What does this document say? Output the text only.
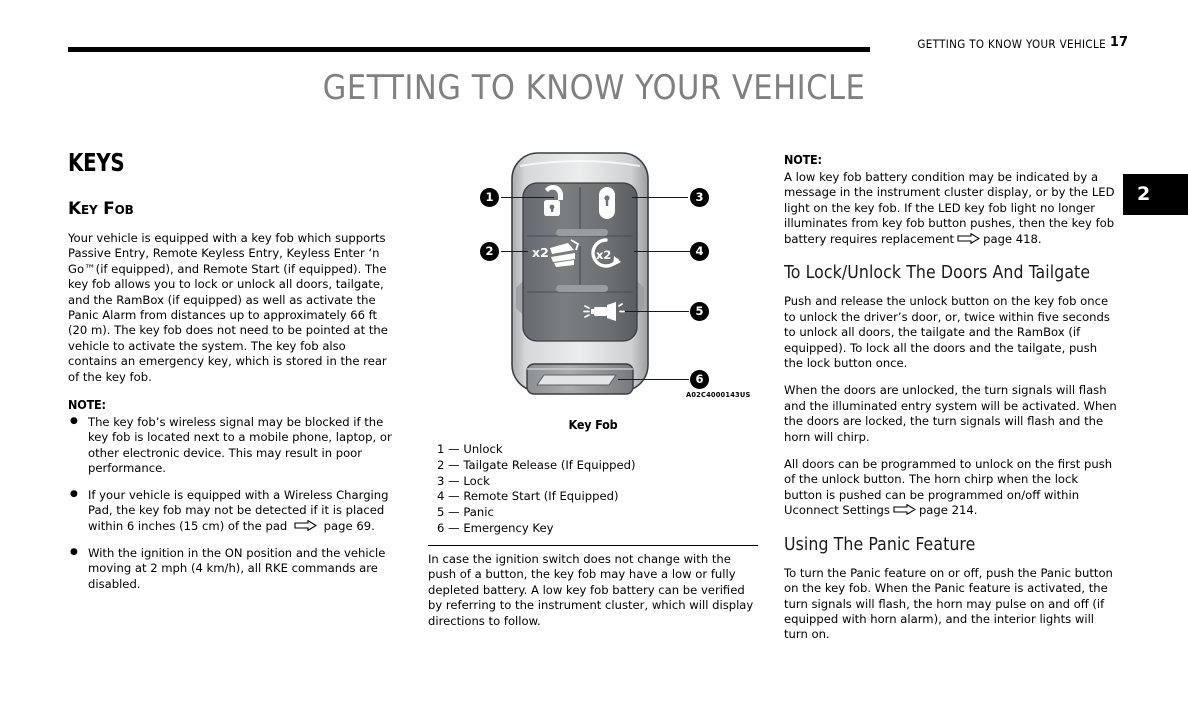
GETTING TO KNOW YOUR VEHICLE 17
GETTING TO KNOW YOUR VEHICLE
2
KEYS
Key Fob

Your vehicle is equipped with a key fob which supports Passive Entry, Remote Keyless Entry, Keyless Enter ‘n Go™(if equipped), and Remote Start (if equipped). The key fob allows you to lock or unlock all doors, tailgate, and the RamBox (if equipped) as well as activate the Panic Alarm from distances up to approximately 66 ft (20 m). The key fob does not need to be pointed at the vehicle to activate the system. The key fob also contains an emergency key, which is stored in the rear of the key fob.

NOTE:
● The key fob’s wireless signal may be blocked if the key fob is located next to a mobile phone, laptop, or other electronic device. This may result in poor performance.
● If your vehicle is equipped with a Wireless Charging Pad, the key fob may not be detected if it is placed within 6 inches (15 cm) of the pad	page 69.
● With the ignition in the ON position and the vehicle moving at 2 mph (4 km/h), all RKE commands are disabled.
x2	x2
1
2
3
4
5
6
A02C4000143US
Key Fob
1 — Unlock
2 — Tailgate Release (If Equipped)
3 — Lock
4 — Remote Start (If Equipped)
5 — Panic
6 — Emergency Key

In case the ignition switch does not change with the push of a button, the key fob may have a low or fully depleted battery. A low key fob battery can be verified by referring to the instrument cluster, which will display directions to follow.

NOTE:

A low key fob battery condition may be indicated by a message in the instrument cluster display, or by the LED light on the key fob. If the LED key fob light no longer illuminates from key fob button pushes, then the key fob battery requires replacement	page 418.

To Lock/Unlock The Doors And Tailgate

Push and release the unlock button on the key fob once to unlock the driver’s door, or, twice within five seconds to unlock all doors, the tailgate and the RamBox (if equipped). To lock all the doors and the tailgate, push the lock button once.

When the doors are unlocked, the turn signals will flash and the illuminated entry system will be activated. When the doors are locked, the turn signals will flash and the horn will chirp.

All doors can be programmed to unlock on the first push of the unlock button. The horn chirp when the lock button is pushed can be programmed on/off within Uconnect Settings	page 214.

Using The Panic Feature

To turn the Panic feature on or off, push the Panic button on the key fob. When the Panic feature is activated, the turn signals will flash, the horn may pulse on and off (if equipped with horn alarm), and the interior lights will turn on.
